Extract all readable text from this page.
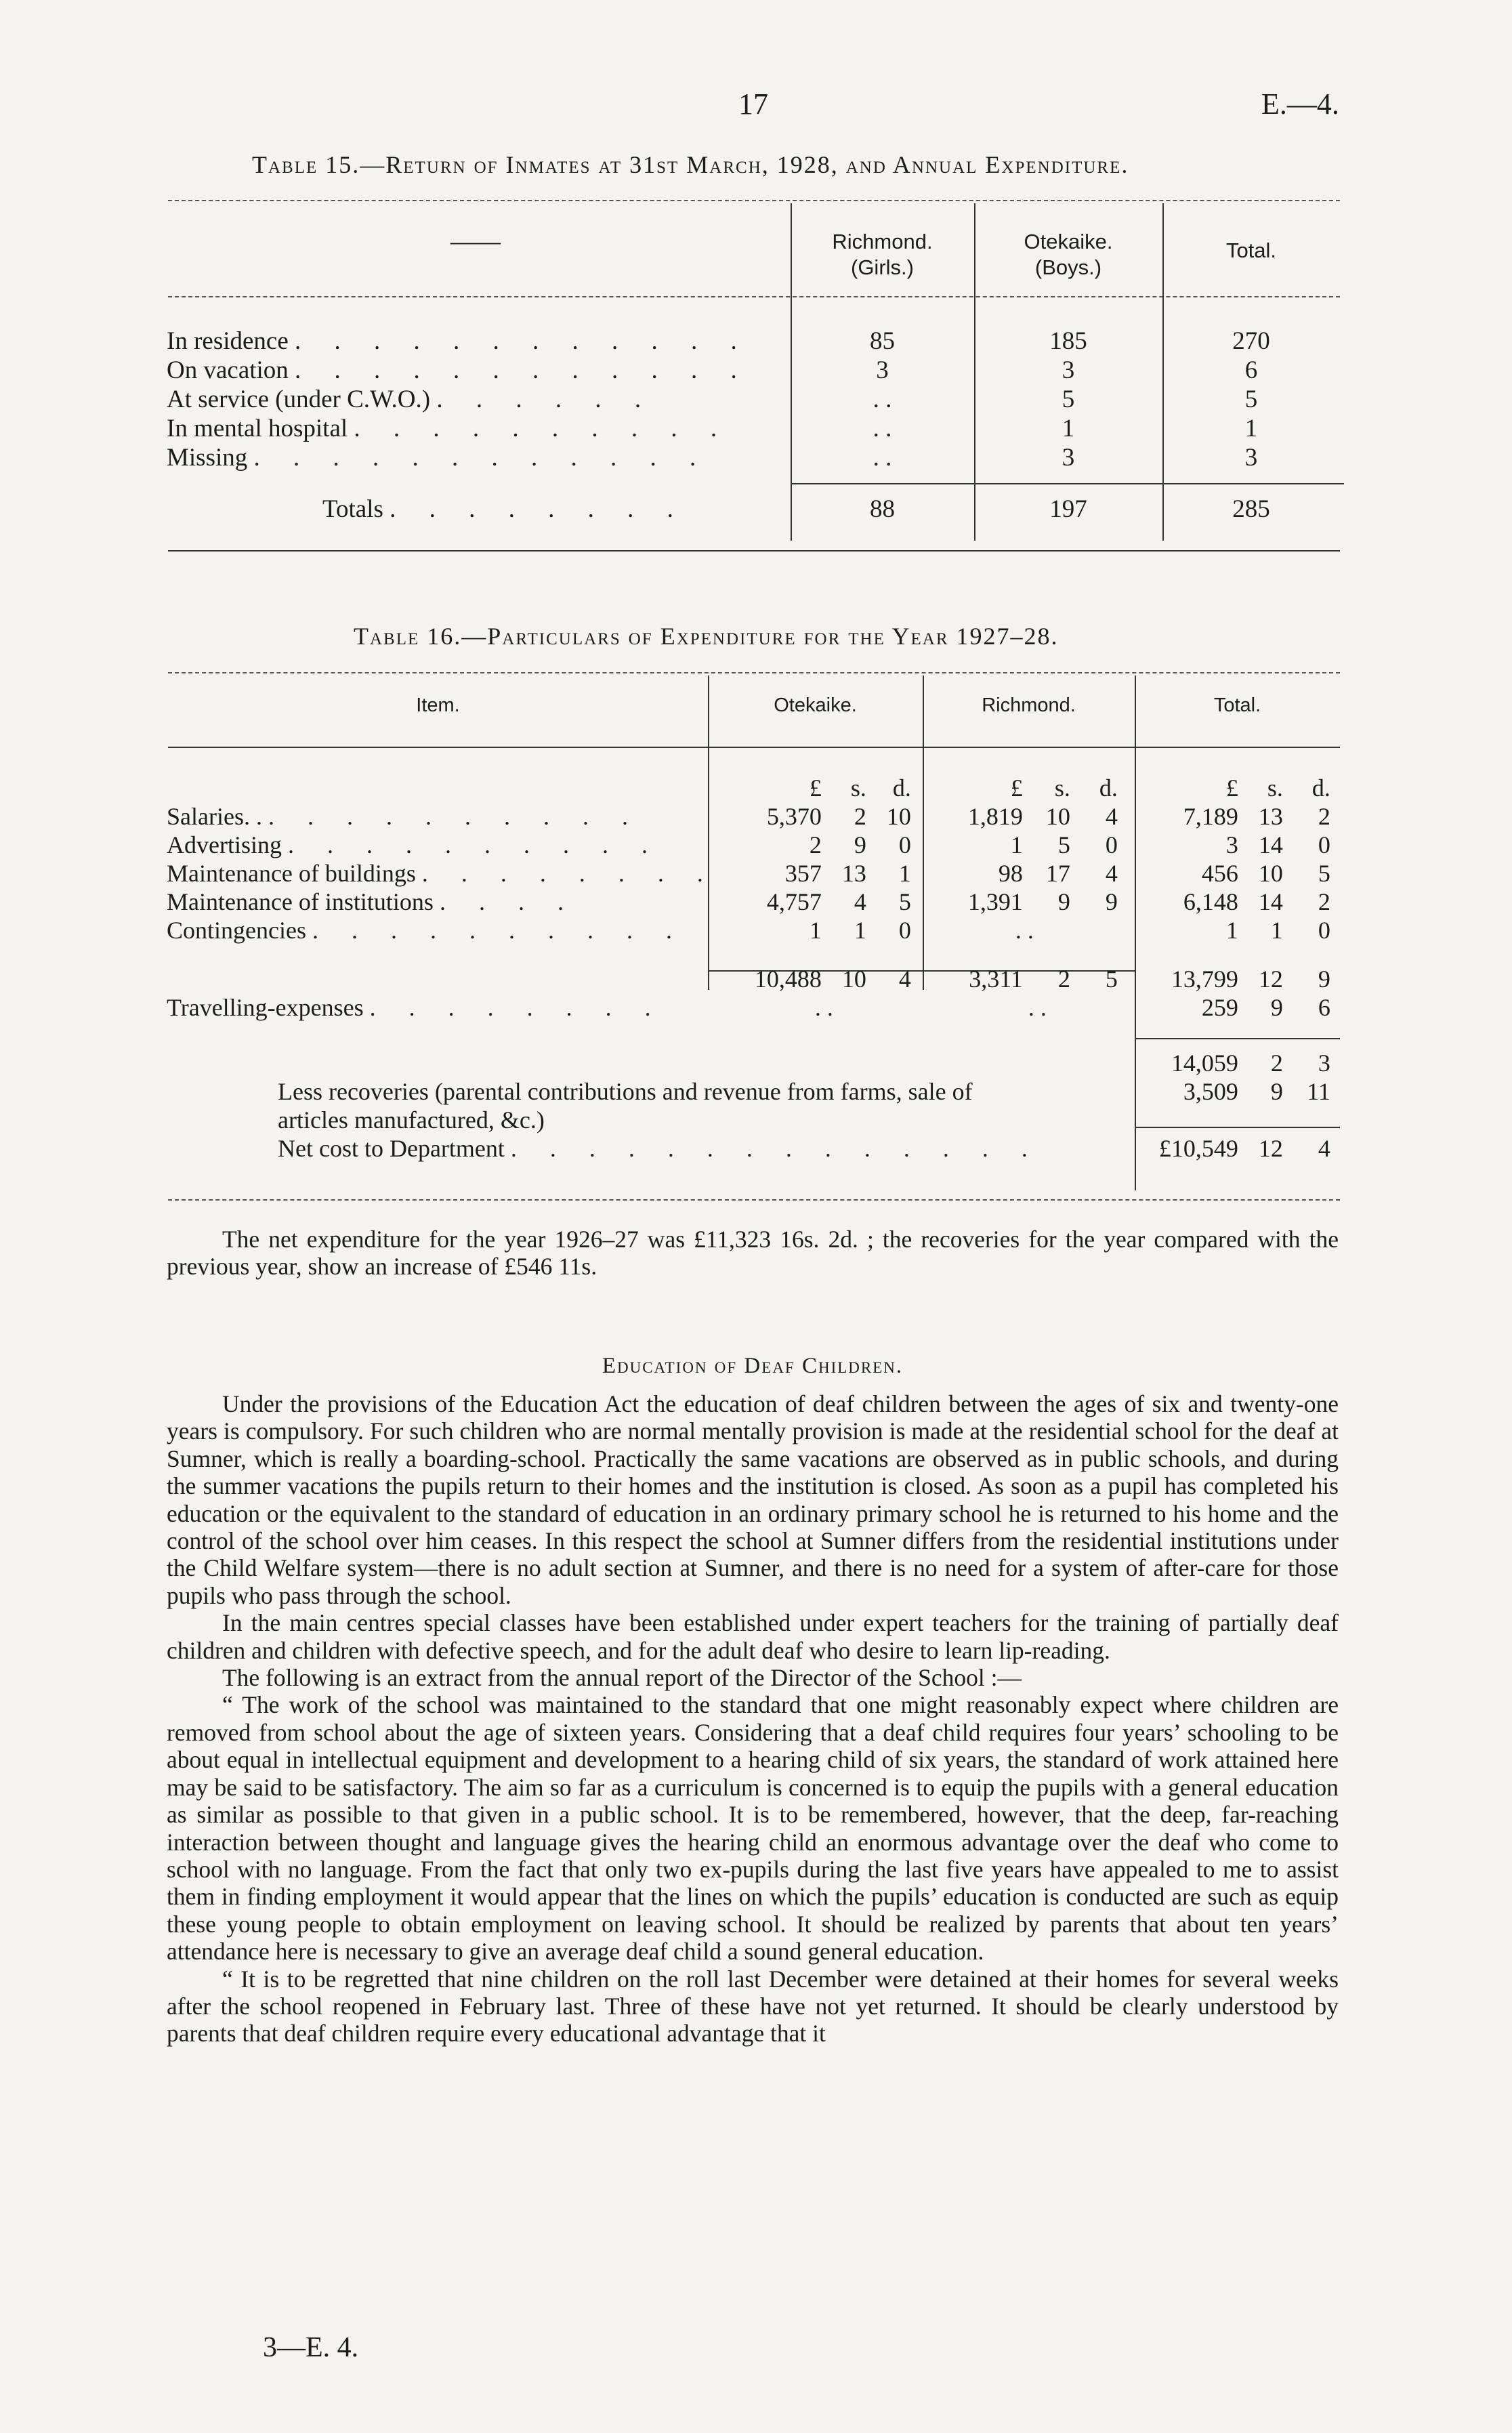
17	E.—4.
Table 15.—Return of Inmates at 31st March, 1928, and Annual Expenditure.
——	Richmond.
(Girls.)
Otekaike.
(Boys.)
Total.
In residence . . . . . . . . . . . .	85	185	270
On vacation . . . . . . . . . . . .	3	3	6
At service (under C.W.O.) . . . . . .	. .	5	5
In mental hospital . . . . . . . . . .	. .	1	1
Missing . . . . . . . . . . . .	. .	3	3
Totals . . . . . . . .	88	197	285
Table 16.—Particulars of Expenditure for the Year 1927–28.
Item.	Otekaike.	Richmond.	Total.
	£	s.	d.		£	s.	d.		£	s.	d.	
Salaries. . . . . . . . . . . .	5,370	2	10		1,819	10	4		7,189	13	2	
Advertising . . . . . . . . . .	2	9	0		1	5	0		3	14	0	
Maintenance of buildings . . . . . . . .	357	13	1		98	17	4		456	10	5	
Maintenance of institutions . . . .	4,757	4	5		1,391	9	9		6,148	14	2	
Contingencies . . . . . . . . . .	1	1	0		. .				1	1	0	

	10,488	10	4		3,311	2	5		13,799	12	9	
Travelling-expenses . . . . . . . .	. .				. .				259	9	6	

									14,059	2	3	
Less recoveries (parental contributions and revenue from farms, sale of									3,509	9	11	
articles manufactured, &c.)												
Net cost to Department . . . . . . . . . . . . . .									£10,549	12	4	

The net expenditure for the year 1926–27 was £11,323 16s. 2d. ; the recoveries for the year compared with the previous year, show an increase of £546 11s.

Education of Deaf Children.

Under the provisions of the Education Act the education of deaf children between the ages of six and twenty-one years is compulsory. For such children who are normal mentally provision is made at the residential school for the deaf at Sumner, which is really a boarding-school. Practically the same vacations are observed as in public schools, and during the summer vacations the pupils return to their homes and the institution is closed. As soon as a pupil has completed his education or the equivalent to the standard of education in an ordinary primary school he is returned to his home and the control of the school over him ceases. In this respect the school at Sumner differs from the residential institutions under the Child Welfare system—there is no adult section at Sumner, and there is no need for a system of after-care for those pupils who pass through the school.

In the main centres special classes have been established under expert teachers for the training of partially deaf children and children with defective speech, and for the adult deaf who desire to learn lip-reading.

The following is an extract from the annual report of the Director of the School :—

“ The work of the school was maintained to the standard that one might reasonably expect where children are removed from school about the age of sixteen years. Considering that a deaf child requires four years’ schooling to be about equal in intellectual equipment and development to a hearing child of six years, the standard of work attained here may be said to be satisfactory. The aim so far as a curriculum is concerned is to equip the pupils with a general education as similar as possible to that given in a public school. It is to be remembered, however, that the deep, far-reaching interaction between thought and language gives the hearing child an enormous advantage over the deaf who come to school with no language. From the fact that only two ex-pupils during the last five years have appealed to me to assist them in finding employment it would appear that the lines on which the pupils’ education is conducted are such as equip these young people to obtain employment on leaving school. It should be realized by parents that about ten years’ attendance here is necessary to give an average deaf child a sound general education.

“ It is to be regretted that nine children on the roll last December were detained at their homes for several weeks after the school reopened in February last. Three of these have not yet returned. It should be clearly understood by parents that deaf children require every educational advantage that it

3—E. 4.
